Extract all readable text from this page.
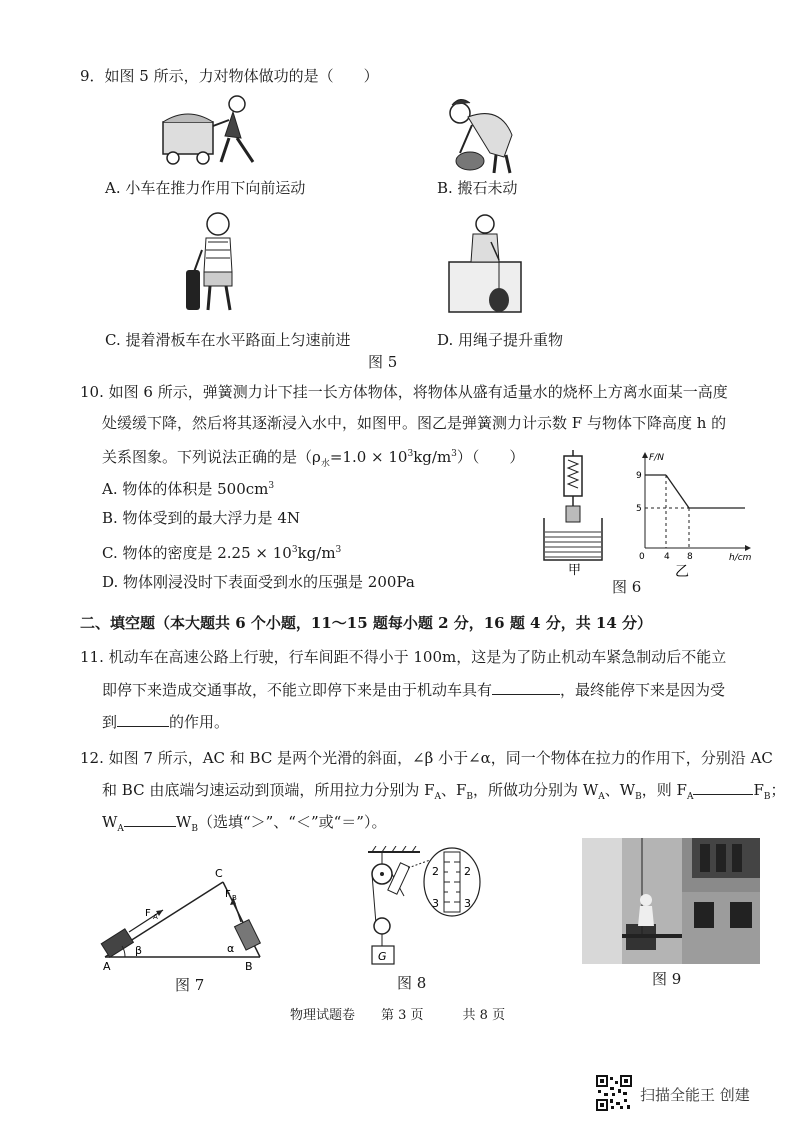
9．如图 5 所示，力对物体做功的是（　　）
A. 小车在推力作用下向前运动	B. 搬石未动
C. 提着滑板车在水平路面上匀速前进	D. 用绳子提升重物
图 5
10. 如图 6 所示，弹簧测力计下挂一长方体物体，将物体从盛有适量水的烧杯上方离水面某一高度
处缓缓下降，然后将其逐渐浸入水中，如图甲。图乙是弹簧测力计示数 F 与物体下降高度 h 的
关系图象。下列说法正确的是$(\rho_水=1.0 \times 10^3kg/m^3)$（　　）
A. 物体的体积是 $500cm^3$
B. 物体受到的最大浮力是 4N
C. 物体的密度是 $2.25 \times 10^3kg/m^3$
D. 物体刚浸没时下表面受到水的压强是 200Pa
甲
F/N
h/cm
0 4 8
9
5
乙
图 6
二、填空题（本大题共 6 个小题，11～15 题每小题 2 分，16 题 4 分，共 14 分）
11. 机动车在高速公路上行驶，行车间距不得小于 100m，这是为了防止机动车紧急制动后不能立
即停下来造成交通事故，不能立即停下来是由于机动车具有	，最终能停下来是因为受
到	的作用。
12. 如图 7 所示，AC 和 BC 是两个光滑的斜面，∠β 小于∠α，同一个物体在拉力的作用下，分别沿 AC
和 BC 由底端匀速运动到顶端，所用拉力分别为 $F_A$、$F_B$，所做功分别为 $W_A$、$W_B$，则 $F_A$	$F_B$；
$W_A$	$W_B$（选填“＞”、“＜”或“＝”）。
F A
F B
β	α
A	B
C
图 7
G
2 2
3 3
图 8	图 9
物理试题卷　　第 3 页　　　共 8 页
扫描全能王 创建
